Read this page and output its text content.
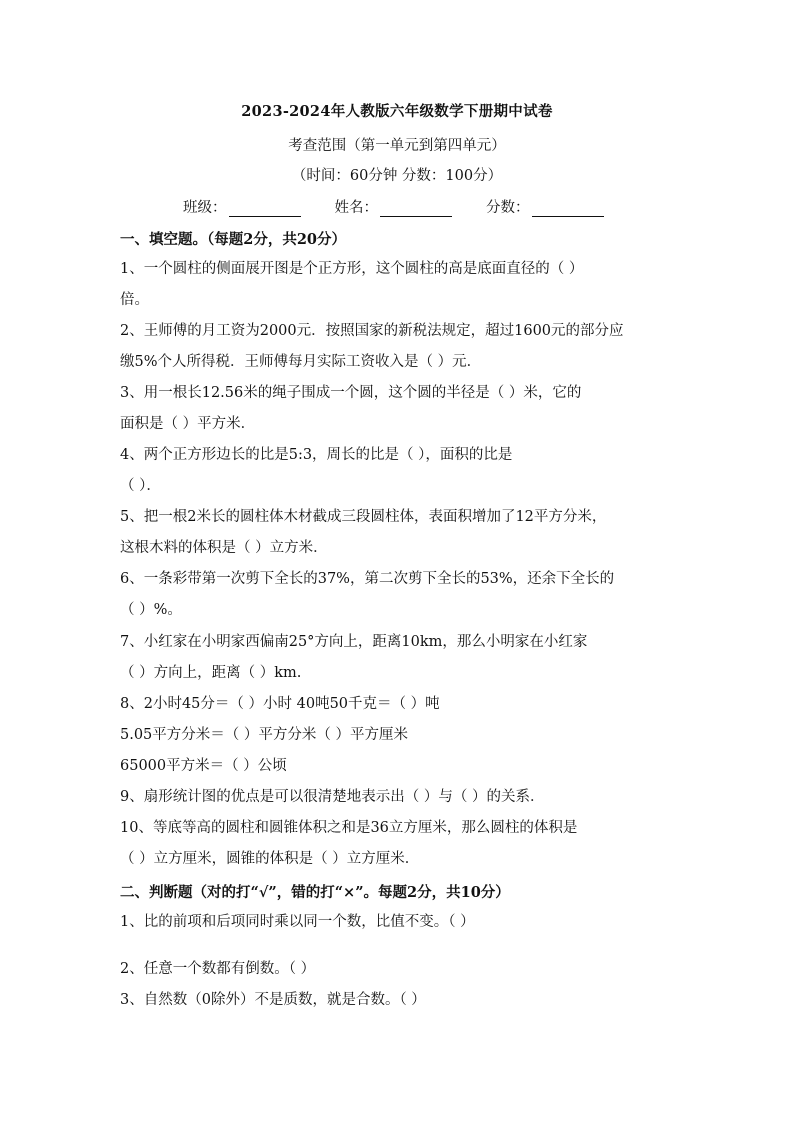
2023-2024年人教版六年级数学下册期中试卷
考查范围（第一单元到第四单元）
（时间：60分钟 分数：100分）
班级：	姓名：	分数：
一、填空题。（每题2分，共20分）
1、一个圆柱的侧面展开图是个正方形，这个圆柱的高是底面直径的（ ）
倍。
2、王师傅的月工资为2000元．按照国家的新税法规定，超过1600元的部分应
缴5%个人所得税．王师傅每月实际工资收入是（ ）元．
3、用一根长12.56米的绳子围成一个圆，这个圆的半径是（ ）米，它的
面积是（ ）平方米．
4、两个正方形边长的比是5:3，周长的比是（ ），面积的比是
（ ）．
5、把一根2米长的圆柱体木材截成三段圆柱体，表面积增加了12平方分米，
这根木料的体积是（ ）立方米．
6、一条彩带第一次剪下全长的37%，第二次剪下全长的53%，还余下全长的
（ ）%。
7、小红家在小明家西偏南25°方向上，距离10km，那么小明家在小红家
（ ）方向上，距离（ ）km.
8、2小时45分＝（ ）小时 40吨50千克＝（ ）吨
5.05平方分米＝（ ）平方分米（ ）平方厘米
65000平方米＝（ ）公顷
9、扇形统计图的优点是可以很清楚地表示出（ ）与（ ）的关系．
10、等底等高的圆柱和圆锥体积之和是36立方厘米，那么圆柱的体积是
（ ）立方厘米，圆锥的体积是（ ）立方厘米．
二、判断题（对的打“√”，错的打“×”。每题2分，共10分）
1、比的前项和后项同时乘以同一个数，比值不变。（ ）
2、任意一个数都有倒数。（ ）
3、自然数（0除外）不是质数，就是合数。（ ）
